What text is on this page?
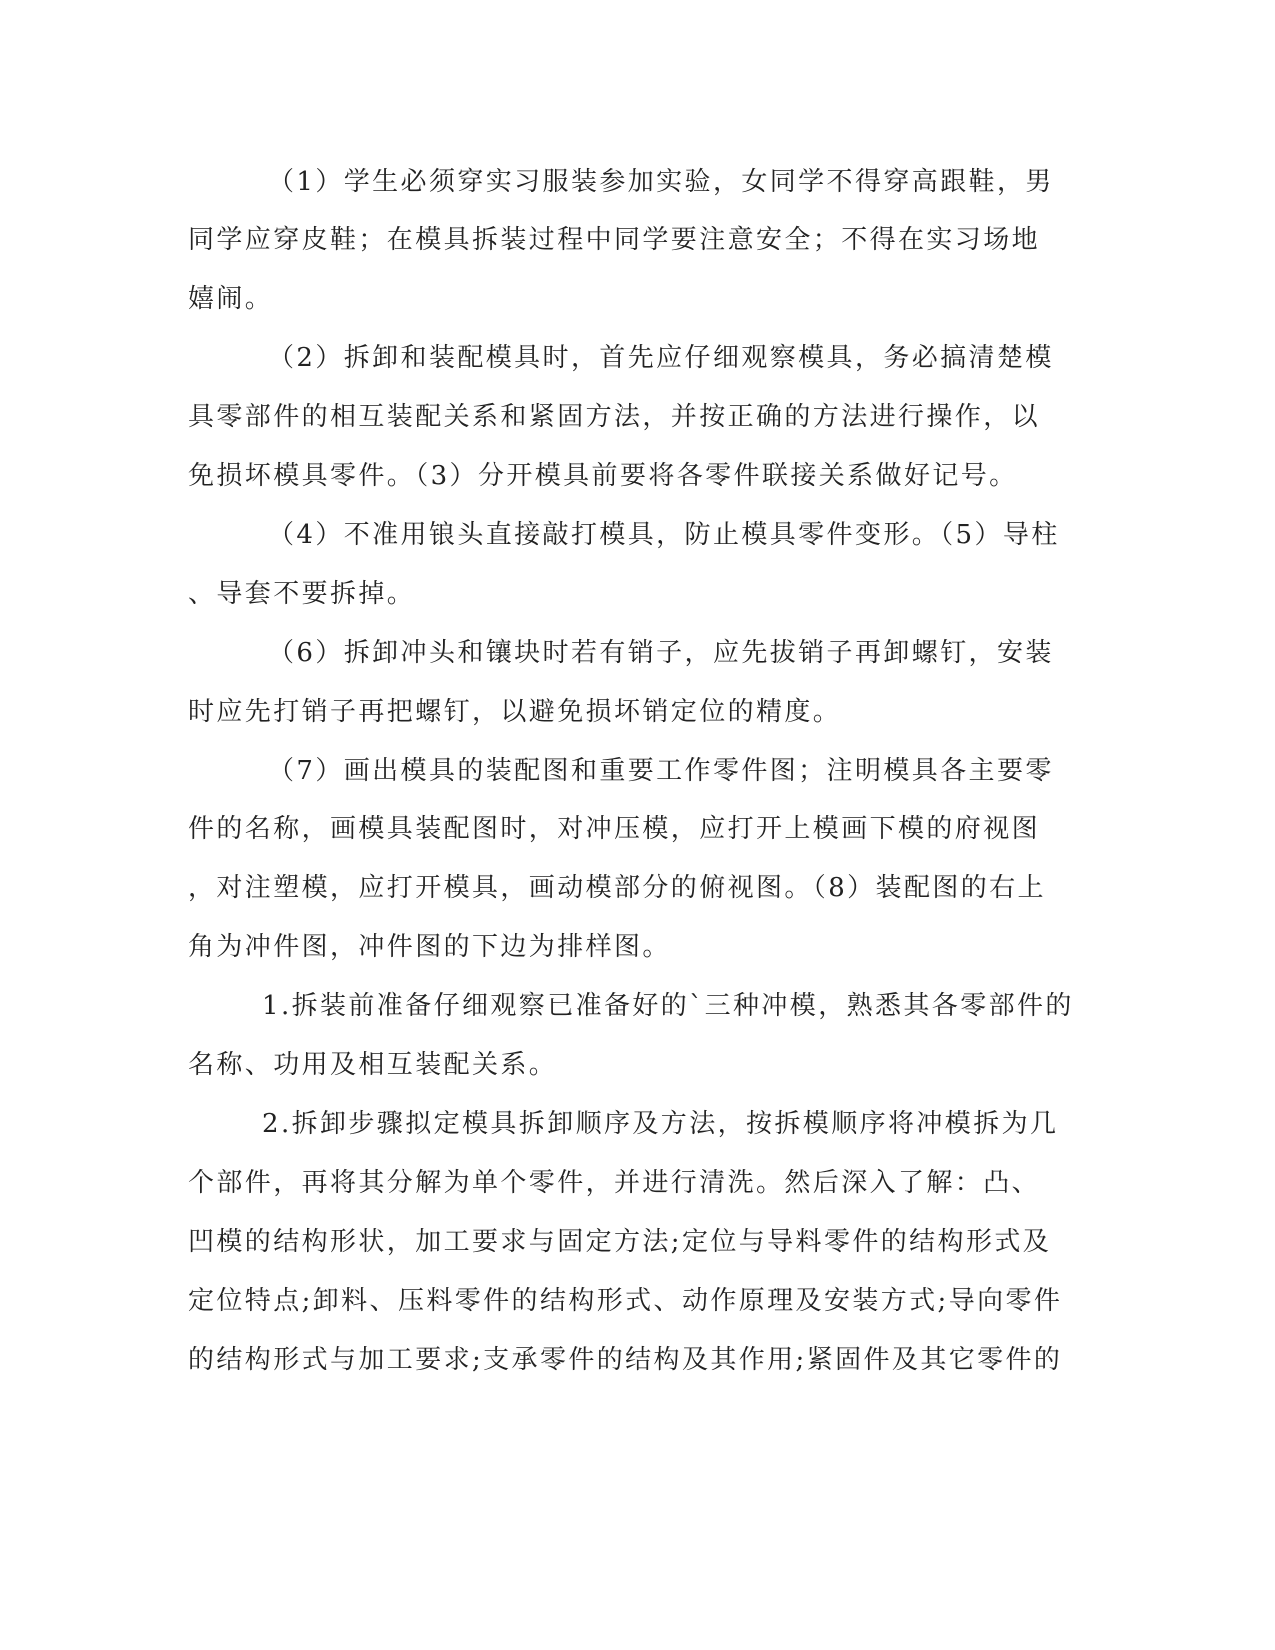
（1）学生必须穿实习服装参加实验，女同学不得穿高跟鞋，男
同学应穿皮鞋；在模具拆装过程中同学要注意安全；不得在实习场地
嬉闹。
（2）拆卸和装配模具时，首先应仔细观察模具，务必搞清楚模
具零部件的相互装配关系和紧固方法，并按正确的方法进行操作，以
免损坏模具零件。（3）分开模具前要将各零件联接关系做好记号。
（4）不准用锒头直接敲打模具，防止模具零件变形。（5）导柱
、导套不要拆掉。
（6）拆卸冲头和镶块时若有销子，应先拔销子再卸螺钉，安装
时应先打销子再把螺钉，以避免损坏销定位的精度。
（7）画出模具的装配图和重要工作零件图；注明模具各主要零
件的名称，画模具装配图时，对冲压模，应打开上模画下模的府视图
，对注塑模，应打开模具，画动模部分的俯视图。（8）装配图的右上
角为冲件图，冲件图的下边为排样图。
1.拆装前准备仔细观察已准备好的`三种冲模，熟悉其各零部件的
名称、功用及相互装配关系。
2.拆卸步骤拟定模具拆卸顺序及方法，按拆模顺序将冲模拆为几
个部件，再将其分解为单个零件，并进行清洗。然后深入了解：凸、
凹模的结构形状，加工要求与固定方法;定位与导料零件的结构形式及
定位特点;卸料、压料零件的结构形式、动作原理及安装方式;导向零件
的结构形式与加工要求;支承零件的结构及其作用;紧固件及其它零件的
